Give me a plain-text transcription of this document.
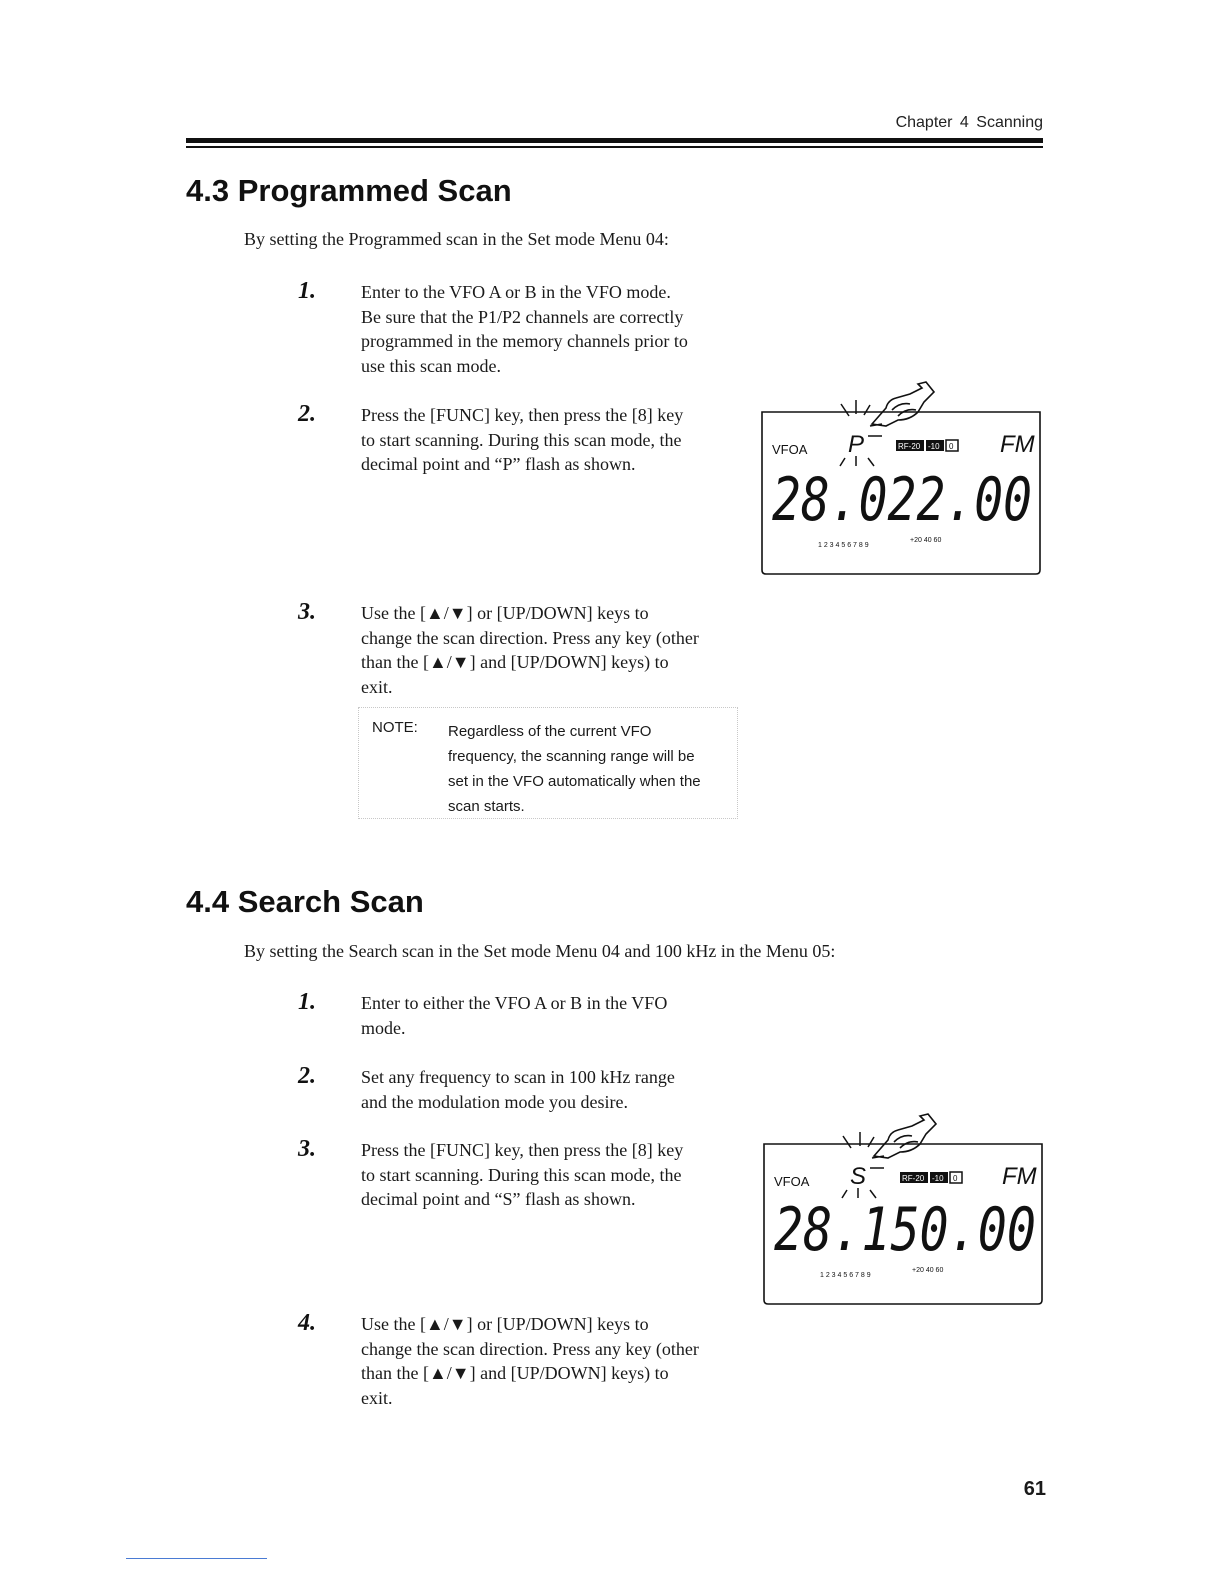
Chapter 4 Scanning
4.3 Programmed Scan

By setting the Programmed scan in the Set mode Menu 04:

1.	Enter to the VFO A or B in the VFO mode.
Be sure that the P1/P2 channels are correctly
programmed in the memory channels prior to
use this scan mode.

2.	Press the [FUNC] key, then press the [8] key
to start scanning. During this scan mode, the
decimal point and “P” flash as shown.

3.	Use the [▲/▼] or [UP/DOWN] keys to
change the scan direction. Press any key (other
than the [▲/▼] and [UP/DOWN] keys) to
exit.

NOTE: Regardless of the current VFO
frequency, the scanning range will be
set in the VFO automatically when the
scan starts.

VFOA P	RF-20 -10 0 FM
28.022.00
1 2 3 4 5 6 7 8 9
+20 40 60
4.4 Search Scan

By setting the Search scan in the Set mode Menu 04 and 100 kHz in the Menu 05:

1.	Enter to either the VFO A or B in the VFO
mode.

2.	Set any frequency to scan in 100 kHz range
and the modulation mode you desire.

3.	Press the [FUNC] key, then press the [8] key
to start scanning. During this scan mode, the
decimal point and “S” flash as shown.

4.	Use the [▲/▼] or [UP/DOWN] keys to
change the scan direction. Press any key (other
than the [▲/▼] and [UP/DOWN] keys) to
exit.

VFOA S	RF-20 -10 0 FM
28.150.00
1 2 3 4 5 6 7 8 9
+20 40 60
61
